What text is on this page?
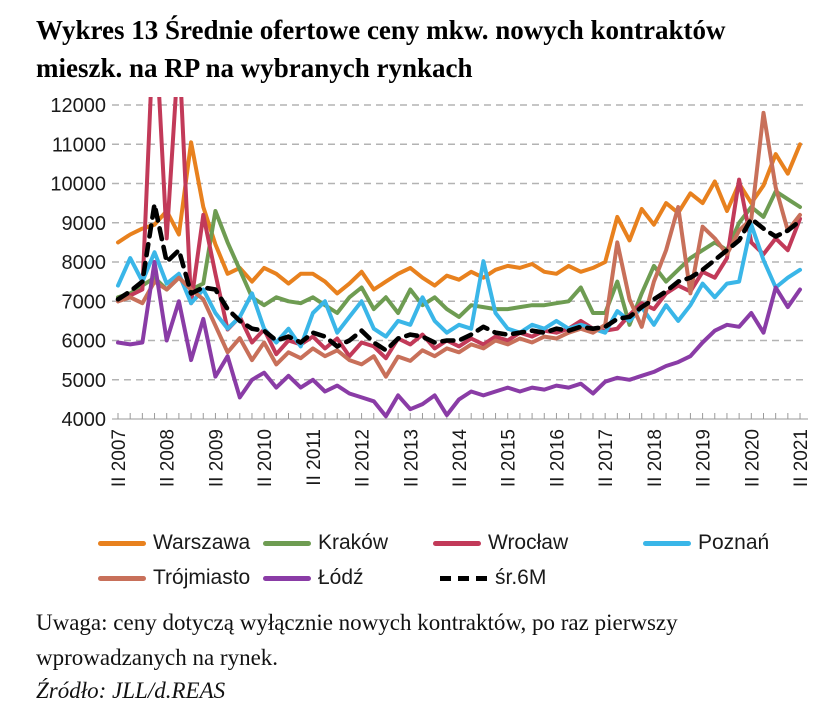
Wykres 13 Średnie ofertowe ceny mkw. nowych kontraktów mieszk. na RP na wybranych rynkach
4000
5000
6000
7000
8000
9000
10000
11000
12000
II 2007 II 2008 II 2009 II 2010 II 2011 II 2012 II 2013 II 2014 II 2015 II 2016 II 2017 II 2018 II 2019 II 2020 II 2021
Warszawa	Kraków	Wrocław	Poznań
Trójmiasto	Łódź	śr.6M
Uwaga: ceny dotyczą wyłącznie nowych kontraktów, po raz pierwszy wprowadzanych na rynek.
Źródło: JLL/d.REAS
